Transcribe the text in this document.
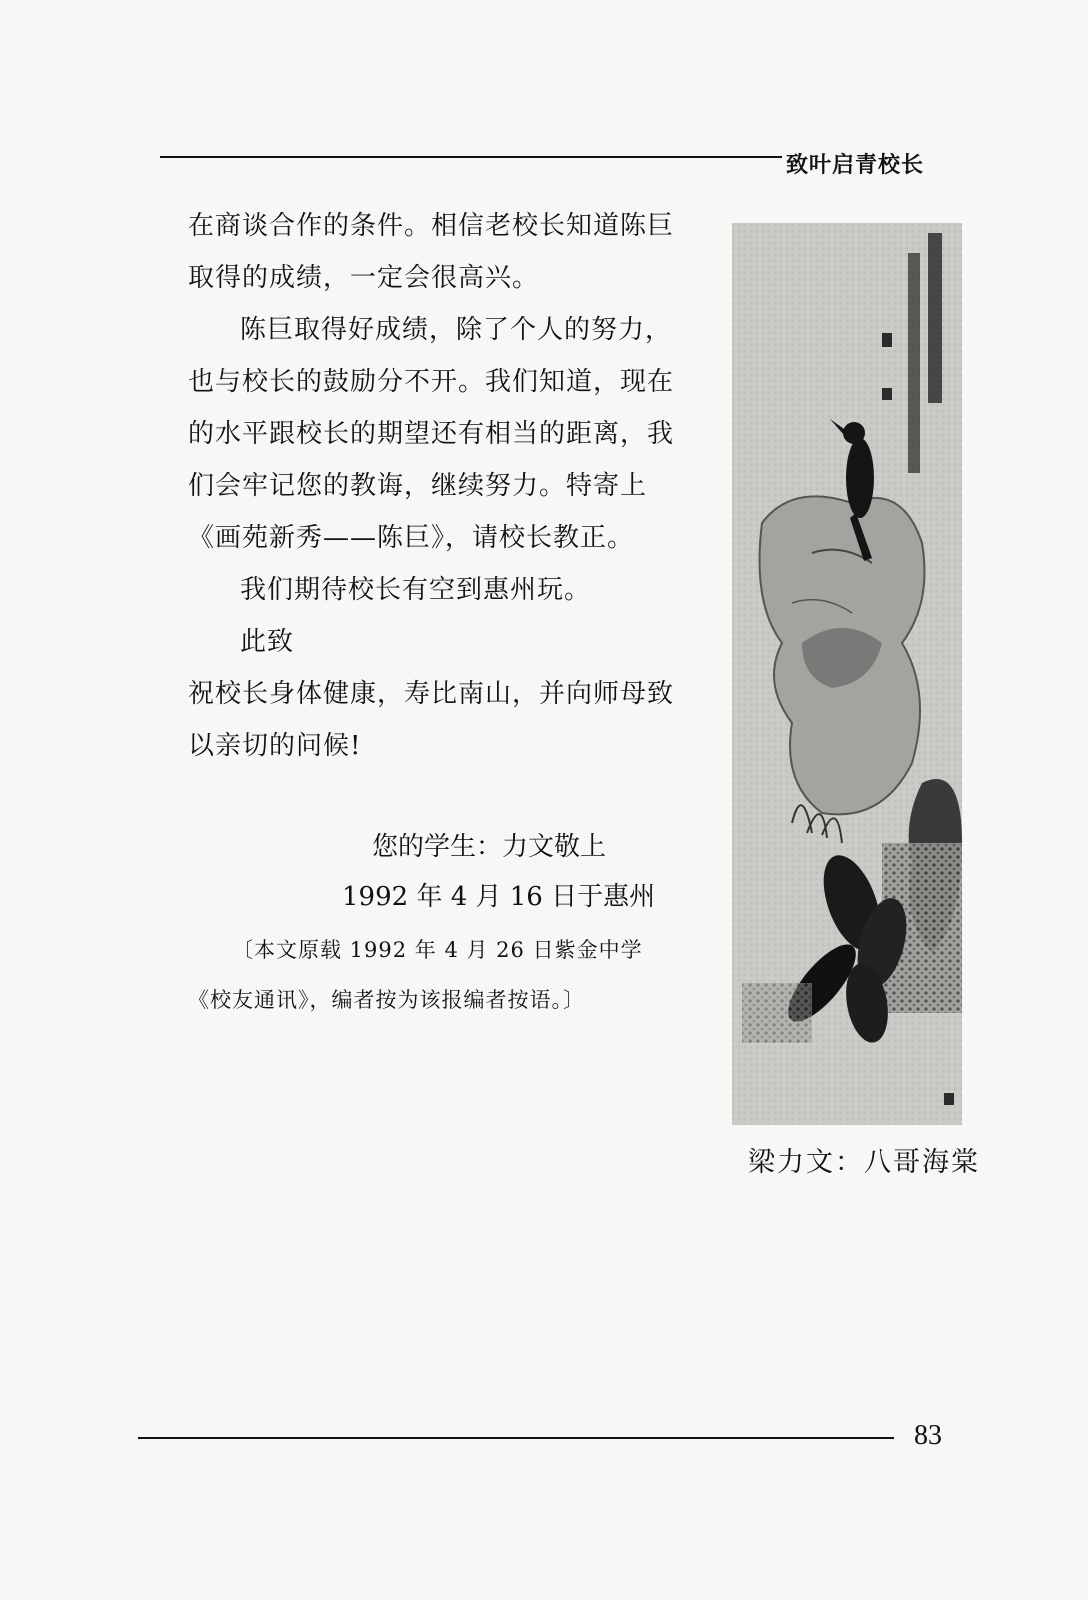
致叶启青校长

在商谈合作的条件。相信老校长知道陈巨取得的成绩，一定会很高兴。

陈巨取得好成绩，除了个人的努力，也与校长的鼓励分不开。我们知道，现在的水平跟校长的期望还有相当的距离，我们会牢记您的教诲，继续努力。特寄上《画苑新秀——陈巨》，请校长教正。

我们期待校长有空到惠州玩。

此致

祝校长身体健康，寿比南山，并向师母致以亲切的问候!

您的学生：力文敬上
1992 年 4 月 16 日于惠州
〔本文原载 1992 年 4 月 26 日紫金中学《校友通讯》，编者按为该报编者按语。〕
梁力文：八哥海棠
83
